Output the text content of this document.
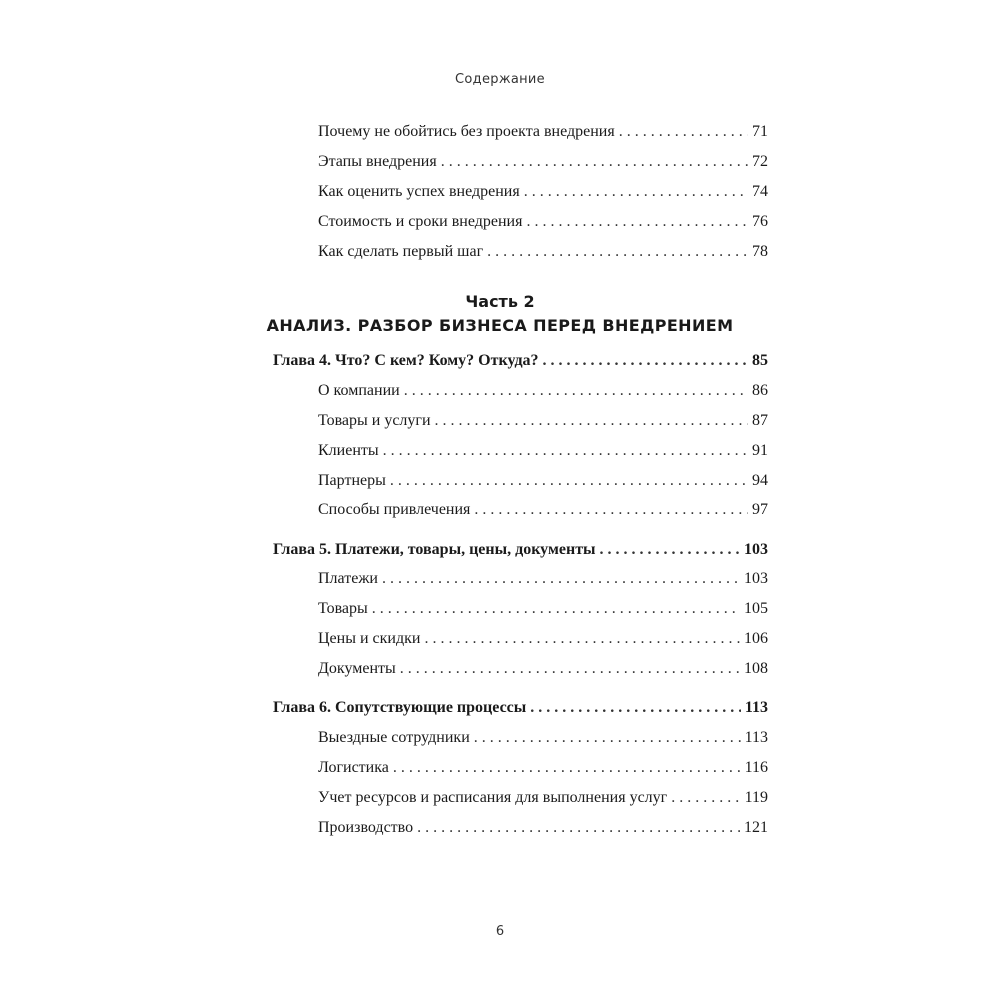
Содержание
Почему не обойтись без проекта внедрения . . .	71
Этапы внедрения . . .	72
Как оценить успех внедрения . . .	74
Стоимость и сроки внедрения . . .	76
Как сделать первый шаг . . .	78
Часть 2
АНАЛИЗ. РАЗБОР БИЗНЕСА ПЕРЕД ВНЕДРЕНИЕМ
Глава 4. Что? С кем? Кому? Откуда? . . .	85
О компании . . .	86
Товары и услуги . . .	87
Клиенты . . .	91
Партнеры . . .	94
Способы привлечения . . .	97
Глава 5. Платежи, товары, цены, документы . . .	103
Платежи . . .	103
Товары . . .	105
Цены и скидки . . .	106
Документы . . .	108
Глава 6. Сопутствующие процессы . . .	113
Выездные сотрудники . . .	113
Логистика . . .	116
Учет ресурсов и расписания для выполнения услуг . . .	119
Производство . . .	121
6
